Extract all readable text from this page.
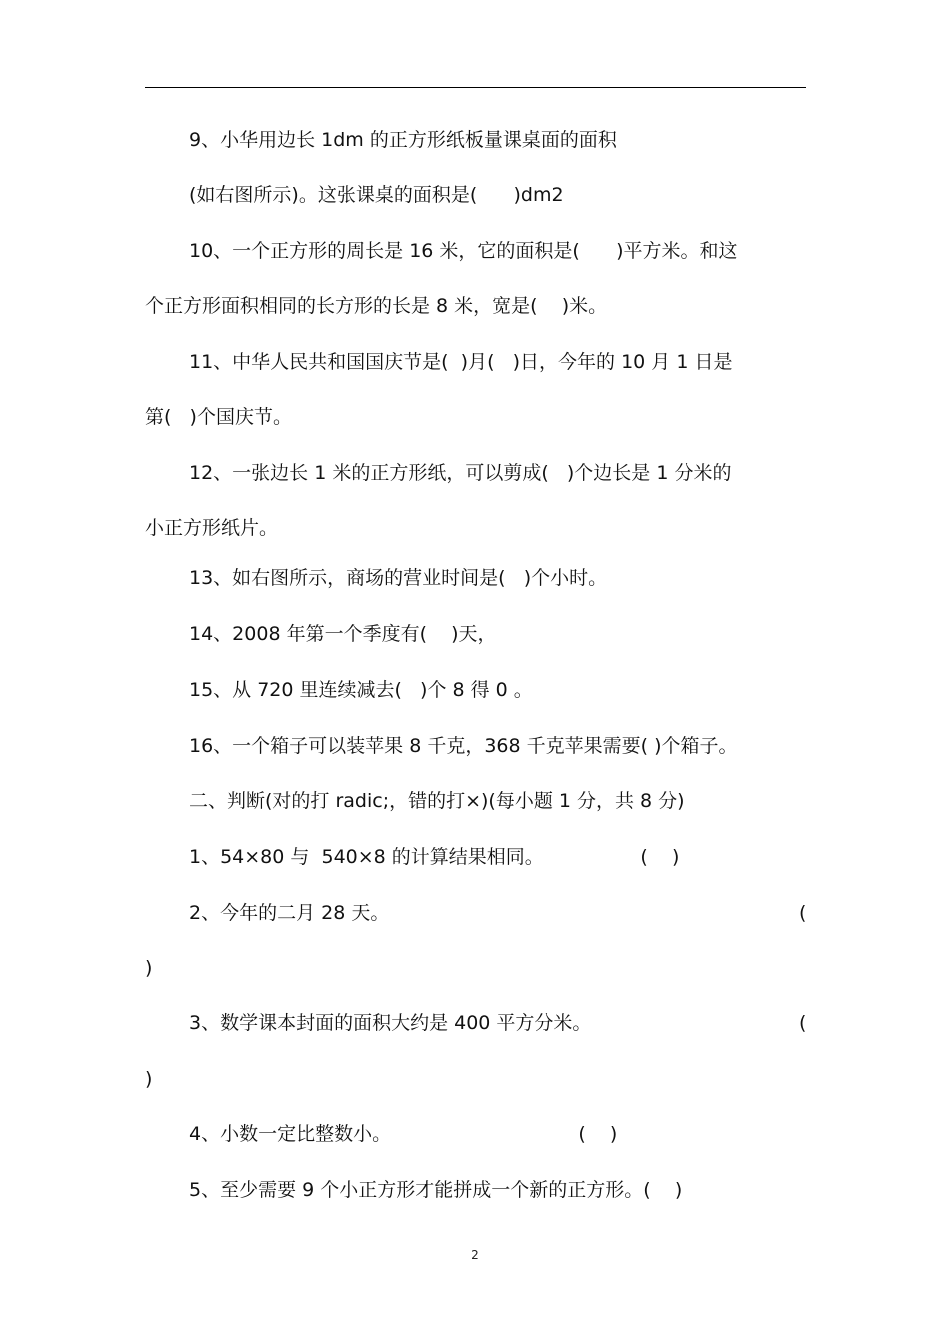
9、小华用边长 1dm 的正方形纸板量课桌面的面积
(如右图所示)。这张课桌的面积是(      )dm2
10、一个正方形的周长是 16 米，它的面积是(      )平方米。和这
个正方形面积相同的长方形的长是 8 米，宽是(    )米。
11、中华人民共和国国庆节是(  )月(   )日，今年的 10 月 1 日是
第(   )个国庆节。
12、一张边长 1 米的正方形纸，可以剪成(   )个边长是 1 分米的
小正方形纸片。
13、如右图所示，商场的营业时间是(   )个小时。
14、2008 年第一个季度有(    )天，
15、从 720 里连续减去(   )个 8 得 0 。
16、一个箱子可以装苹果 8 千克，368 千克苹果需要( )个箱子。
二、判断(对的打 radic;，错的打×)(每小题 1 分，共 8 分)
1、54×80 与  540×8 的计算结果相同。                (    )
2、今年的二月 28 天。	(
)
3、数学课本封面的面积大约是 400 平方分米。	(
)
4、小数一定比整数小。                               (    )
5、至少需要 9 个小正方形才能拼成一个新的正方形。(    )
2
